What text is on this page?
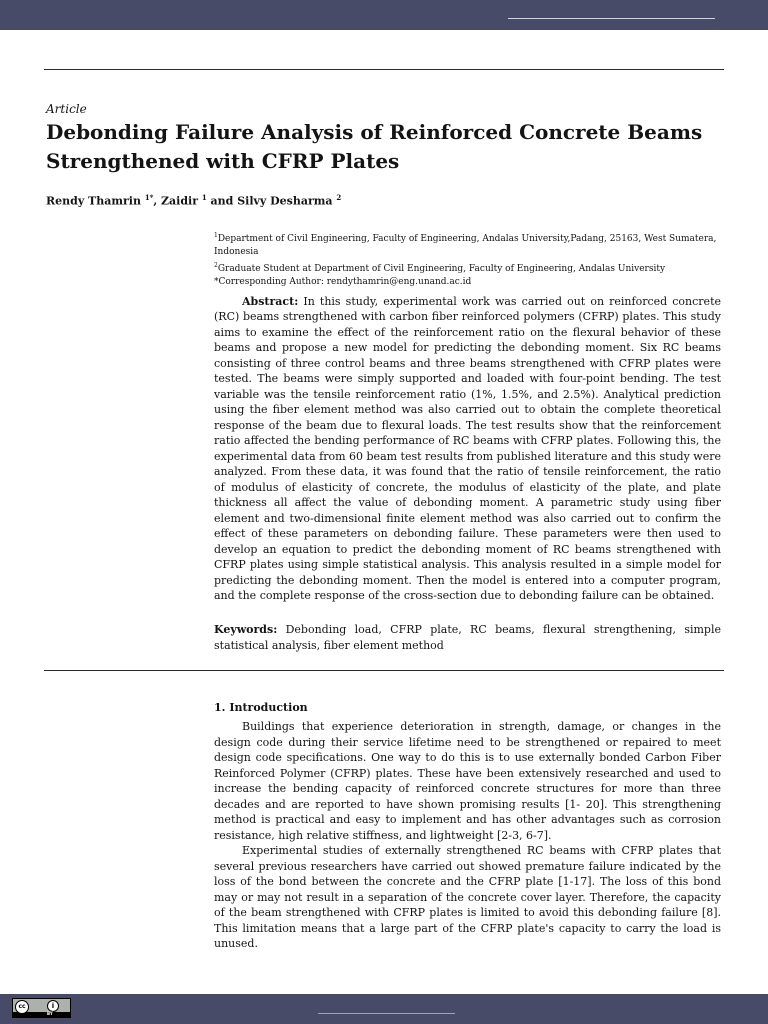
Article
Debonding Failure Analysis of Reinforced Concrete Beams Strengthened with CFRP Plates
Rendy Thamrin $^{1*}$, Zaidir $^1$ and Silvy Desharma $^2$
$^1$Department of Civil Engineering, Faculty of Engineering, Andalas University,Padang, 25163, West Sumatera, Indonesia
$^2$Graduate Student at Department of Civil Engineering, Faculty of Engineering, Andalas University
*Corresponding Author: rendythamrin@eng.unand.ac.id

Abstract: In this study, experimental work was carried out on reinforced concrete (RC) beams strengthened with carbon fiber reinforced polymers (CFRP) plates. This study aims to examine the effect of the reinforcement ratio on the flexural behavior of these beams and propose a new model for predicting the debonding moment. Six RC beams consisting of three control beams and three beams strengthened with CFRP plates were tested. The beams were simply supported and loaded with four-point bending. The test variable was the tensile reinforcement ratio (1%, 1.5%, and 2.5%). Analytical prediction using the fiber element method was also carried out to obtain the complete theoretical response of the beam due to flexural loads. The test results show that the reinforcement ratio affected the bending performance of RC beams with CFRP plates. Following this, the experimental data from 60 beam test results from published literature and this study were analyzed. From these data, it was found that the ratio of tensile reinforcement, the ratio of modulus of elasticity of concrete, the modulus of elasticity of the plate, and plate thickness all affect the value of debonding moment. A parametric study using fiber element and two-dimensional finite element method was also carried out to confirm the effect of these parameters on debonding failure. These parameters were then used to develop an equation to predict the debonding moment of RC beams strengthened with CFRP plates using simple statistical analysis. This analysis resulted in a simple model for predicting the debonding moment. Then the model is entered into a computer program, and the complete response of the cross-section due to debonding failure can be obtained.

Keywords: Debonding load, CFRP plate, RC beams, flexural strengthening, simple statistical analysis, fiber element method

1. Introduction

Buildings that experience deterioration in strength, damage, or changes in the design code during their service lifetime need to be strengthened or repaired to meet design code specifications. One way to do this is to use externally bonded Carbon Fiber Reinforced Polymer (CFRP) plates. These have been extensively researched and used to increase the bending capacity of reinforced concrete structures for more than three decades and are reported to have shown promising results [1- 20]. This strengthening method is practical and easy to implement and has other advantages such as corrosion resistance, high relative stiffness, and lightweight [2-3, 6-7].

Experimental studies of externally strengthened RC beams with CFRP plates that several previous researchers have carried out showed premature failure indicated by the loss of the bond between the concrete and the CFRP plate [1-17]. The loss of this bond may or may not result in a separation of the concrete cover layer. Therefore, the capacity of the beam strengthened with CFRP plates is limited to avoid this debonding failure [8]. This limitation means that a large part of the CFRP plate's capacity to carry the load is unused.

cc	i
BY
